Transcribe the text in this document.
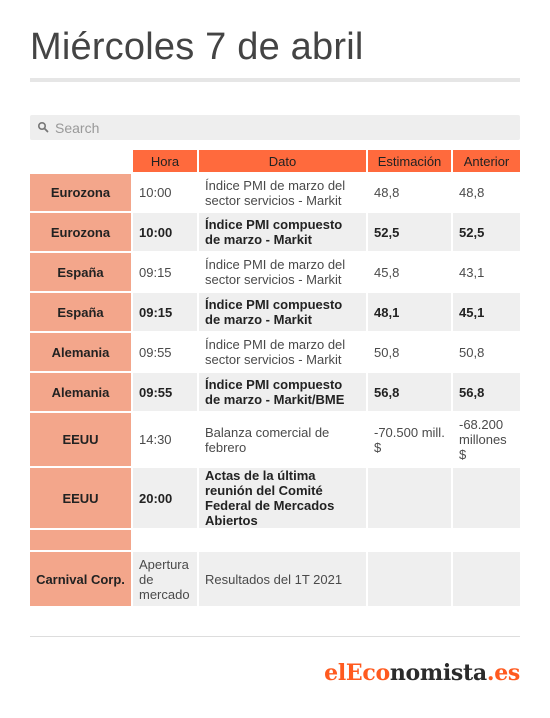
Miércoles 7 de abril
Search
	Hora	Dato	Estimación	Anterior
Eurozona	10:00	Índice PMI de marzo del sector servicios - Markit	48,8	48,8
Eurozona	10:00	Índice PMI compuesto de marzo - Markit	52,5	52,5
España	09:15	Índice PMI de marzo del sector servicios - Markit	45,8	43,1
España	09:15	Índice PMI compuesto de marzo - Markit	48,1	45,1
Alemania	09:55	Índice PMI de marzo del sector servicios - Markit	50,8	50,8
Alemania	09:55	Índice PMI compuesto de marzo - Markit/BME	56,8	56,8
EEUU	14:30	Balanza comercial de febrero	-70.500 mill. $	-68.200 millones $
EEUU	20:00	Actas de la última reunión del Comité Federal de Mercados Abiertos		

Carnival Corp.	Apertura de mercado	Resultados del 1T 2021		
elEconomista.es
